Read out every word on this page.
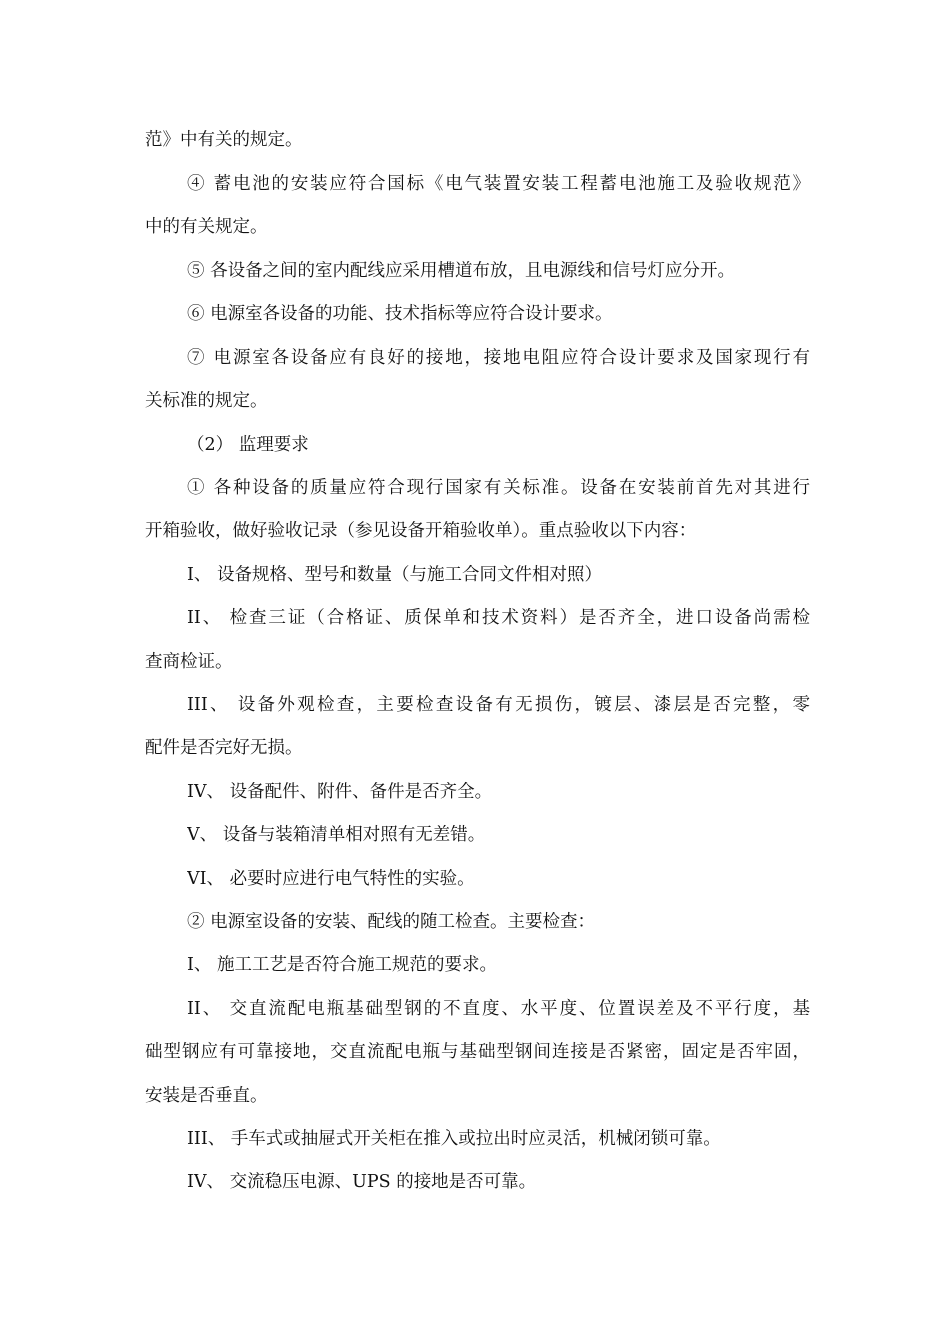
范》中有关的规定。
④ 蓄电池的安装应符合国标《电气装置安装工程蓄电池施工及验收规范》
中的有关规定。
⑤ 各设备之间的室内配线应采用槽道布放，且电源线和信号灯应分开。
⑥ 电源室各设备的功能、技术指标等应符合设计要求。
⑦ 电源室各设备应有良好的接地，接地电阻应符合设计要求及国家现行有
关标准的规定。
（2） 监理要求
① 各种设备的质量应符合现行国家有关标准。设备在安装前首先对其进行
开箱验收，做好验收记录（参见设备开箱验收单）。重点验收以下内容：
I、 设备规格、型号和数量（与施工合同文件相对照）
II、 检查三证（合格证、质保单和技术资料）是否齐全，进口设备尚需检
查商检证。
III、 设备外观检查，主要检查设备有无损伤，镀层、漆层是否完整，零
配件是否完好无损。
IV、 设备配件、附件、备件是否齐全。
V、 设备与装箱清单相对照有无差错。
VI、 必要时应进行电气特性的实验。
② 电源室设备的安装、配线的随工检查。主要检查：
I、 施工工艺是否符合施工规范的要求。
II、 交直流配电瓶基础型钢的不直度、水平度、位置误差及不平行度，基
础型钢应有可靠接地，交直流配电瓶与基础型钢间连接是否紧密，固定是否牢固，
安装是否垂直。
III、 手车式或抽屉式开关柜在推入或拉出时应灵活，机械闭锁可靠。
IV、 交流稳压电源、UPS 的接地是否可靠。
